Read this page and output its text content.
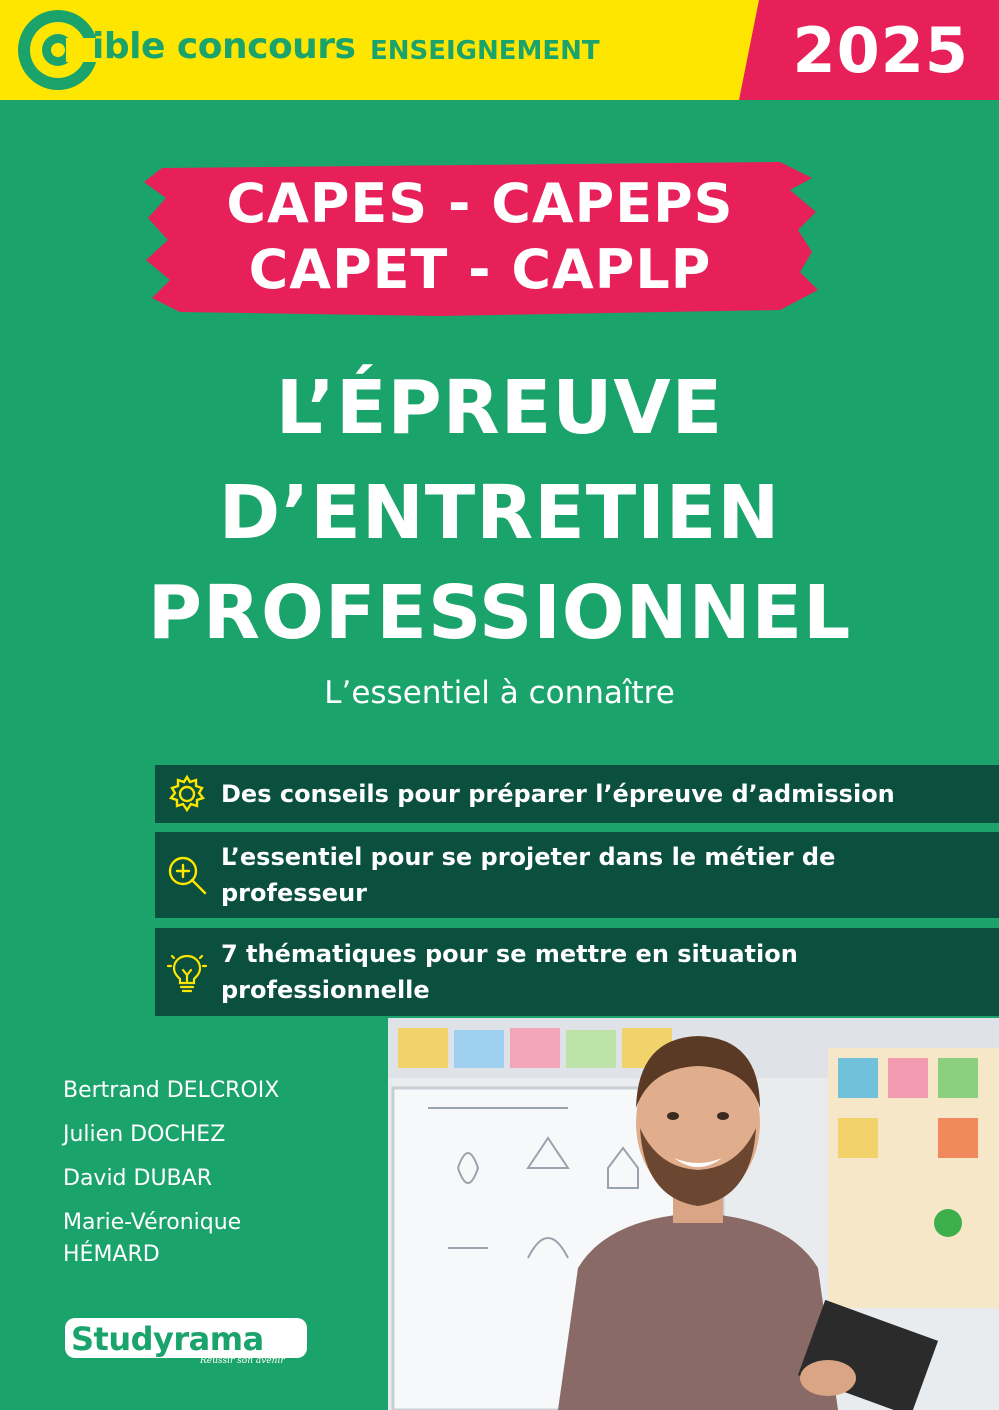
ible concours ENSEIGNEMENT	2025
CAPES - CAPEPS
CAPET - CAPLP
L’ÉPREUVE
D’ENTRETIEN
PROFESSIONNEL
L’essentiel à connaître
Des conseils pour préparer l’épreuve d’admission
L’essentiel pour se projeter dans le métier de professeur
7 thématiques pour se mettre en situation professionnelle
Bertrand DELCROIX
Julien DOCHEZ
David DUBAR
Marie-Véronique HÉMARD
Studyrama
Réussir son avenir
